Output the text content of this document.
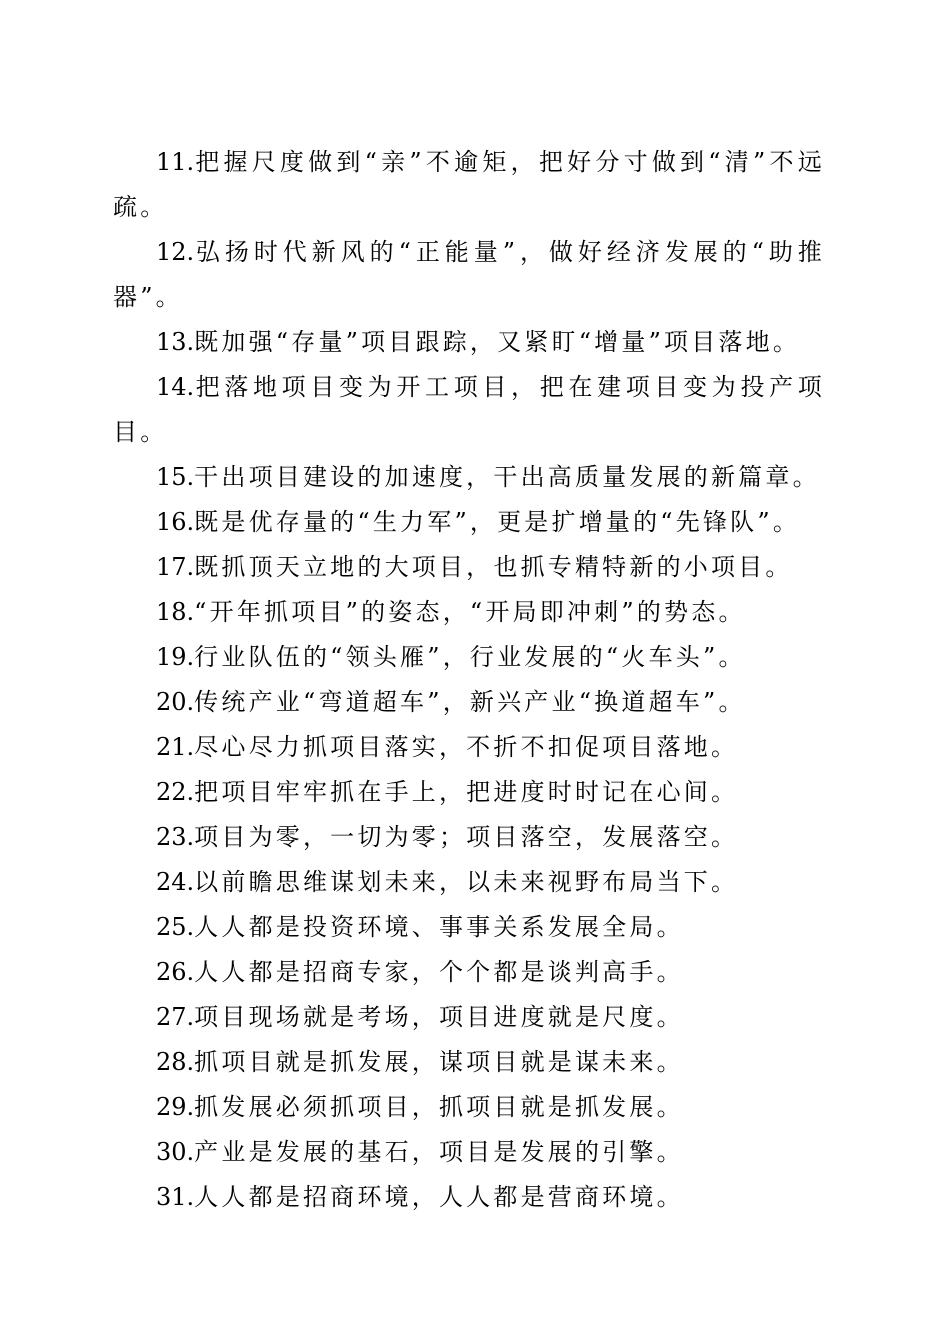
11.把握尺度做到“亲”不逾矩，把好分寸做到“清”不远疏。

12.弘扬时代新风的“正能量”，做好经济发展的“助推器”。

13.既加强“存量”项目跟踪，又紧盯“增量”项目落地。

14.把落地项目变为开工项目，把在建项目变为投产项目。

15.干出项目建设的加速度，干出高质量发展的新篇章。

16.既是优存量的“生力军”，更是扩增量的“先锋队”。

17.既抓顶天立地的大项目，也抓专精特新的小项目。

18.“开年抓项目”的姿态，“开局即冲刺”的势态。

19.行业队伍的“领头雁”，行业发展的“火车头”。

20.传统产业“弯道超车”，新兴产业“换道超车”。

21.尽心尽力抓项目落实，不折不扣促项目落地。

22.把项目牢牢抓在手上，把进度时时记在心间。

23.项目为零，一切为零；项目落空，发展落空。

24.以前瞻思维谋划未来，以未来视野布局当下。

25.人人都是投资环境、事事关系发展全局。

26.人人都是招商专家，个个都是谈判高手。

27.项目现场就是考场，项目进度就是尺度。

28.抓项目就是抓发展，谋项目就是谋未来。

29.抓发展必须抓项目，抓项目就是抓发展。

30.产业是发展的基石，项目是发展的引擎。

31.人人都是招商环境，人人都是营商环境。
